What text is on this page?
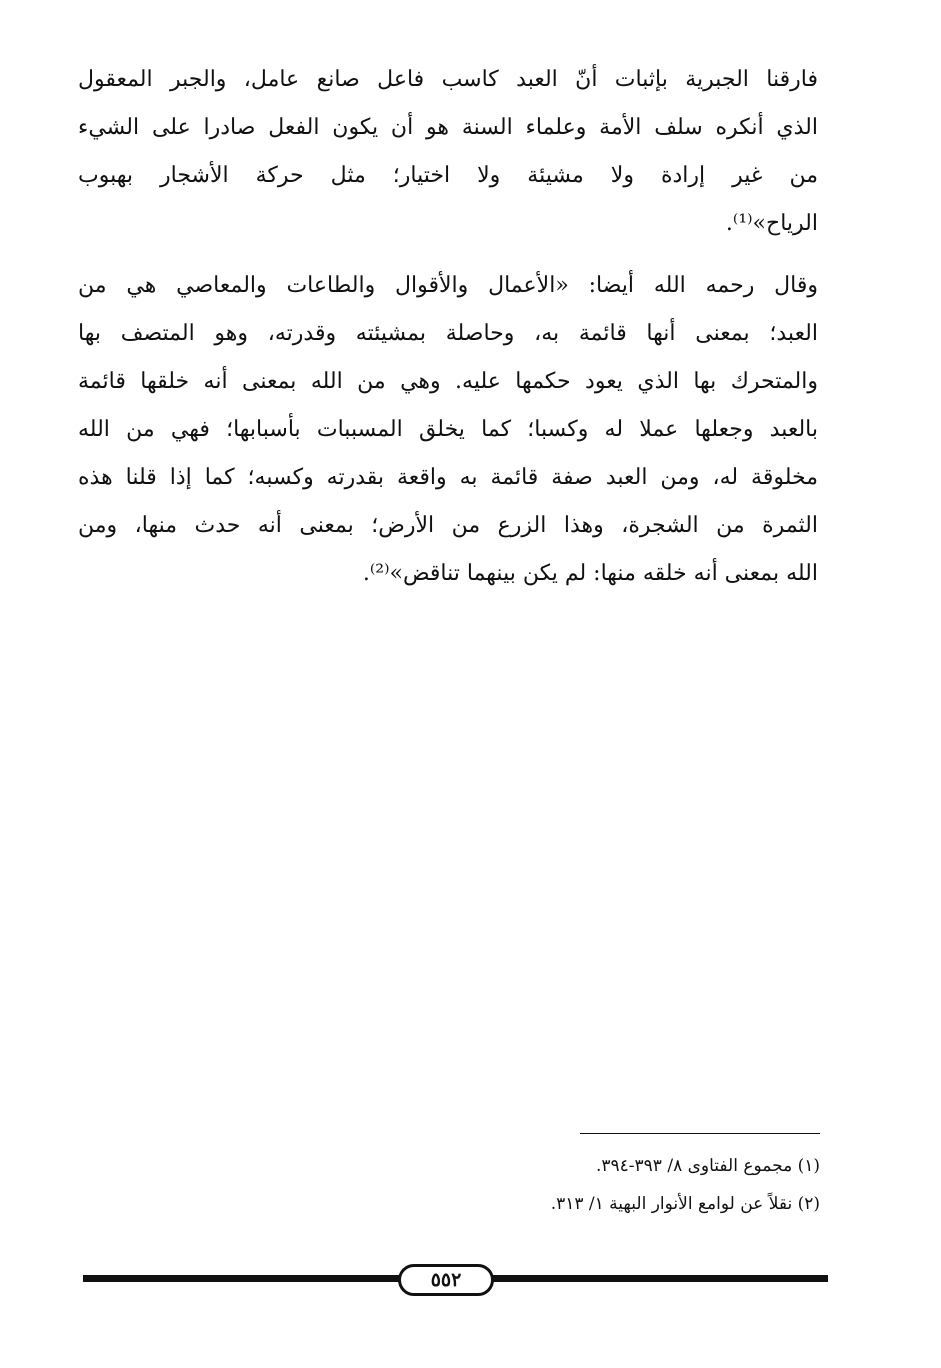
فارقنا الجبرية بإثبات أنّ العبد كاسب فاعل صانع عامل، والجبر المعقول
الذي أنكره سلف الأمة وعلماء السنة هو أن يكون الفعل صادرا على الشيء
من غير إرادة ولا مشيئة ولا اختيار؛ مثل حركة الأشجار بهبوب
الرياح»⁽¹⁾.
وقال رحمه الله أيضا: «الأعمال والأقوال والطاعات والمعاصي هي من
العبد؛ بمعنى أنها قائمة به، وحاصلة بمشيئته وقدرته، وهو المتصف بها
والمتحرك بها الذي يعود حكمها عليه. وهي من الله بمعنى أنه خلقها قائمة
بالعبد وجعلها عملا له وكسبا؛ كما يخلق المسببات بأسبابها؛ فهي من الله
مخلوقة له، ومن العبد صفة قائمة به واقعة بقدرته وكسبه؛ كما إذا قلنا هذه
الثمرة من الشجرة، وهذا الزرع من الأرض؛ بمعنى أنه حدث منها، ومن
الله بمعنى أنه خلقه منها: لم يكن بينهما تناقض»⁽²⁾.
(١) مجموع الفتاوى ٨/ ٣٩٣-٣٩٤.
(٢) نقلاً عن لوامع الأنوار البهية ١/ ٣١٣.
٥٥٢
